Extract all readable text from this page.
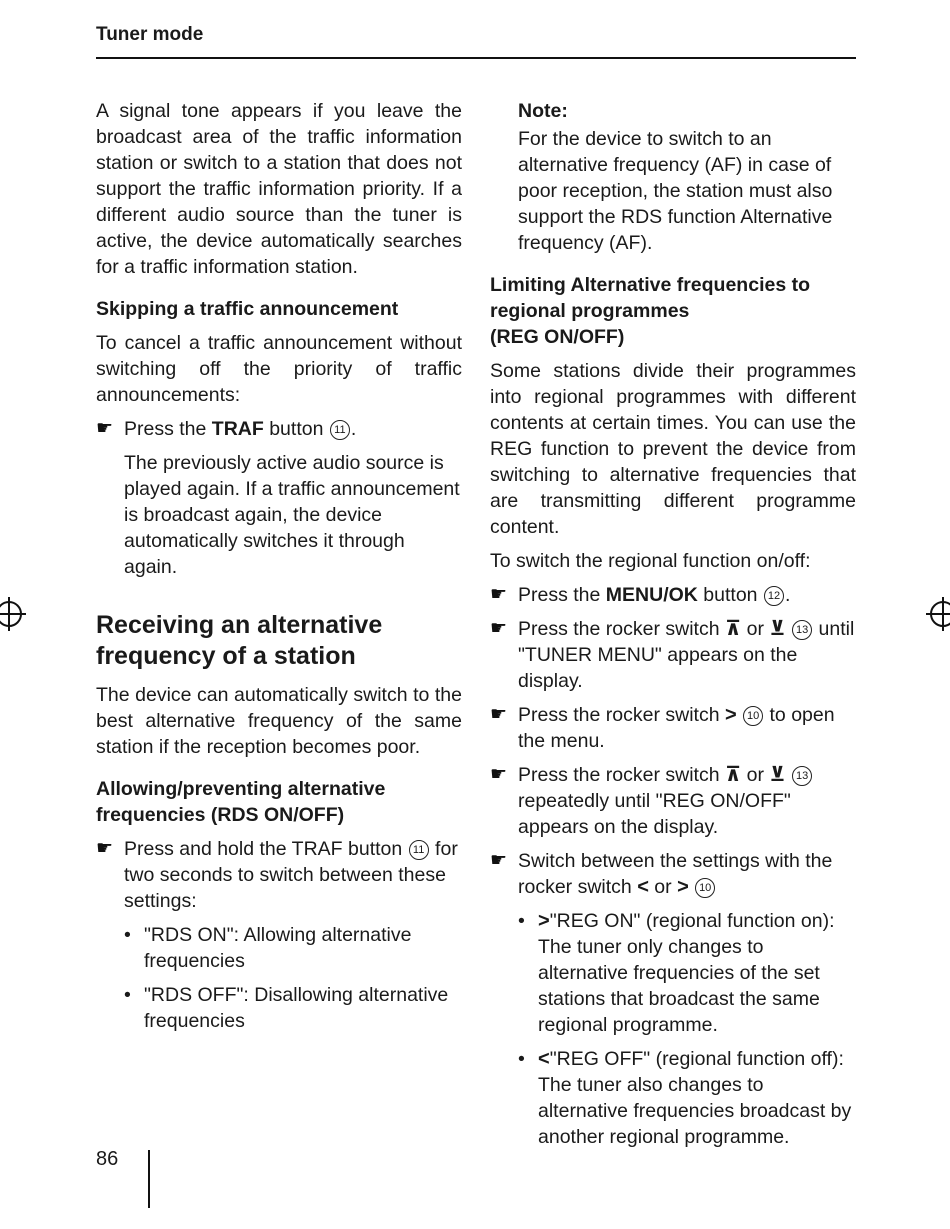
Tuner mode

A signal tone appears if you leave the broadcast area of the traffic information station or switch to a station that does not support the traffic information priority. If a different audio source than the tuner is active, the device automatically searches for a traffic information station.

Skipping a traffic announcement

To cancel a traffic announcement without switching off the priority of traffic announcements:

☛ Press the TRAF button 11 .

The previously active audio source is played again. If a traffic announcement is broadcast again, the device automatically switches it through again.

Receiving an alternative
frequency of a station

The device can automatically switch to the best alternative frequency of the same station if the reception becomes poor.

Allowing/preventing alternative
frequencies (RDS ON/OFF)
☛ Press and hold the TRAF button 11 for two seconds to switch between these settings:
• "RDS ON": Allowing alternative frequencies
• "RDS OFF": Disallowing alternative frequencies

Note:

For the device to switch to an alternative frequency (AF) in case of poor reception, the station must also support the RDS function Alternative frequency (AF).

Limiting Alternative frequencies to
regional programmes
(REG ON/OFF)

Some stations divide their programmes into regional programmes with different contents at certain times. You can use the REG function to prevent the device from switching to alternative frequencies that are transmitting different programme content.

To switch the regional function on/off:

☛ Press the MENU/OK button 12 .
☛ Press the rocker switch ⊼ or ⊻ 13 until "TUNER MENU" appears on the display.
☛ Press the rocker switch > 10 to open the menu.
☛ Press the rocker switch ⊼ or ⊻ 13 repeatedly until "REG ON/OFF" appears on the display.
☛ Switch between the settings with the rocker switch < or > 10
• >"REG ON" (regional function on): The tuner only changes to alternative frequencies of the set stations that broadcast the same regional programme.
• <"REG OFF" (regional function off): The tuner also changes to alternative frequencies broadcast by another regional programme.
86
